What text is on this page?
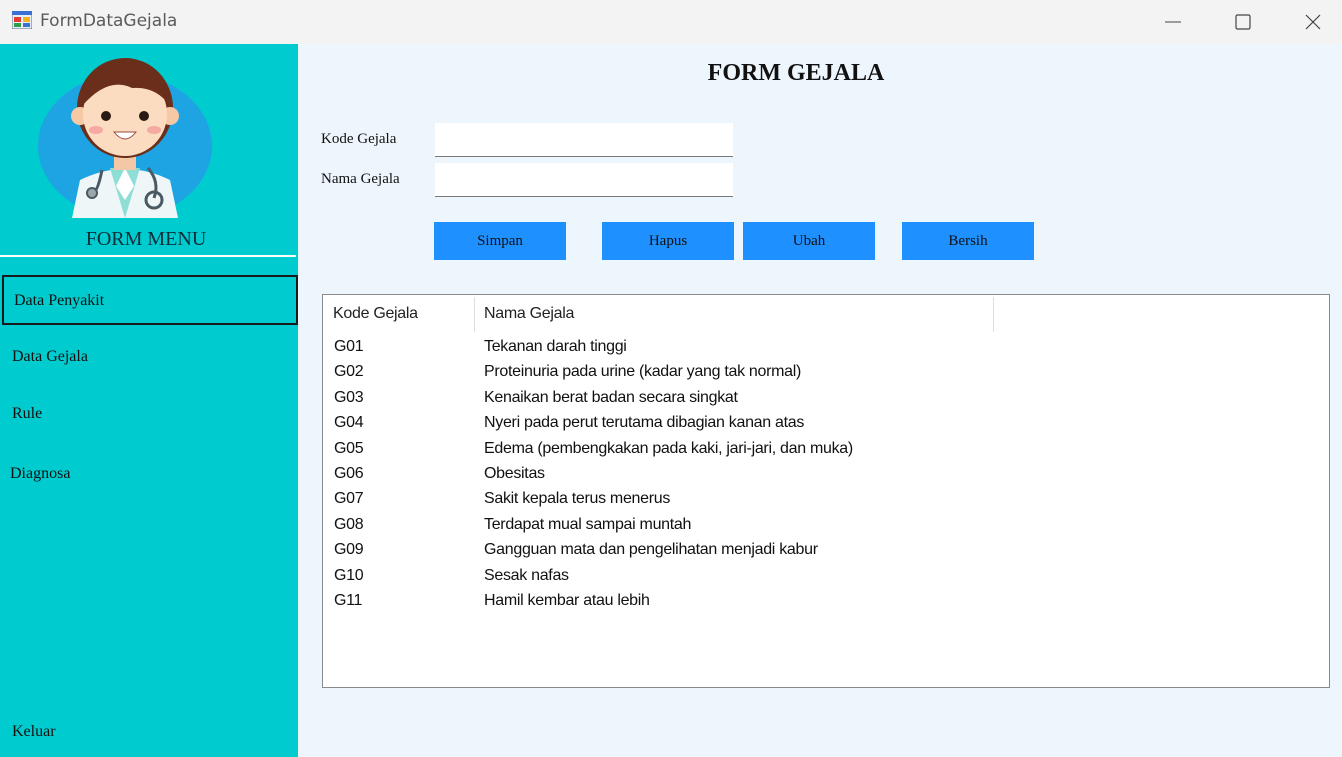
FormDataGejala
FORM MENU
Data Penyakit
Data Gejala
Rule
Diagnosa
Keluar
FORM GEJALA
Kode Gejala
Nama Gejala
Simpan	Hapus	Ubah	Bersih
Kode Gejala	Nama Gejala
G01	Tekanan darah tinggi
G02	Proteinuria pada urine (kadar yang tak normal)
G03	Kenaikan berat badan secara singkat
G04	Nyeri pada perut terutama dibagian kanan atas
G05	Edema (pembengkakan pada kaki, jari-jari, dan muka)
G06	Obesitas
G07	Sakit kepala terus menerus
G08	Terdapat mual sampai muntah
G09	Gangguan mata dan pengelihatan menjadi kabur
G10	Sesak nafas
G11	Hamil kembar atau lebih
